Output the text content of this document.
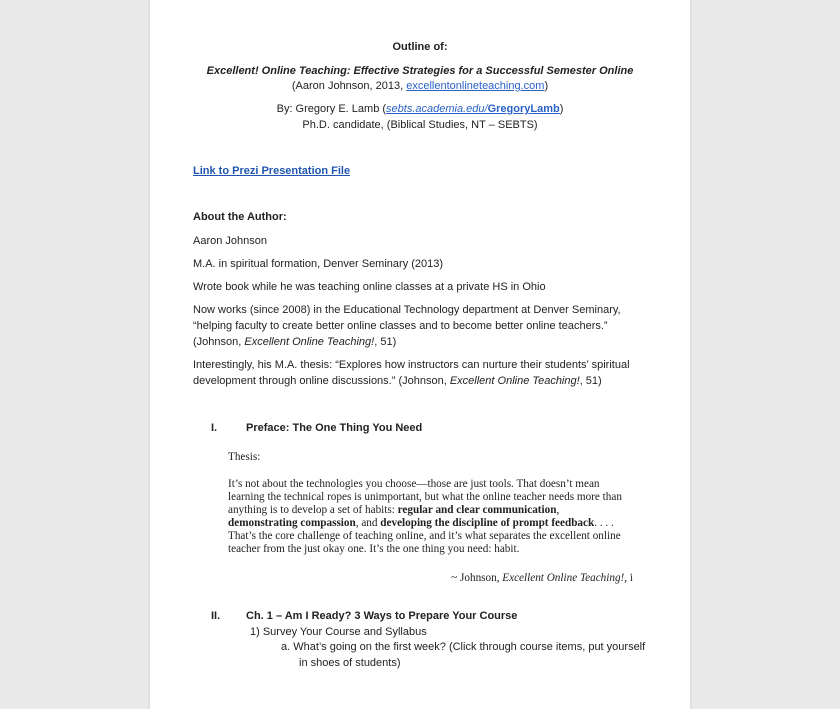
Outline of:
Excellent! Online Teaching: Effective Strategies for a Successful Semester Online
(Aaron Johnson, 2013, excellentonlineteaching.com)
By: Gregory E. Lamb (sebts.academia.edu/GregoryLamb)
Ph.D. candidate, (Biblical Studies, NT – SEBTS)
Link to Prezi Presentation File
About the Author:
Aaron Johnson
M.A. in spiritual formation, Denver Seminary (2013)
Wrote book while he was teaching online classes at a private HS in Ohio
Now works (since 2008) in the Educational Technology department at Denver Seminary,
“helping faculty to create better online classes and to become better online teachers.”
(Johnson, Excellent Online Teaching!, 51)
Interestingly, his M.A. thesis: “Explores how instructors can nurture their students’ spiritual
development through online discussions.” (Johnson, Excellent Online Teaching!, 51)
I.	Preface: The One Thing You Need
Thesis:
It’s not about the technologies you choose—those are just tools. That doesn’t mean
learning the technical ropes is unimportant, but what the online teacher needs more than
anything is to develop a set of habits: regular and clear communication,
demonstrating compassion, and developing the discipline of prompt feedback. . . .
That’s the core challenge of teaching online, and it’s what separates the excellent online
teacher from the just okay one. It’s the one thing you need: habit.
~ Johnson, Excellent Online Teaching!, i
II. Ch. 1 – Am I Ready? 3 Ways to Prepare Your Course
1) Survey Your Course and Syllabus
a. What’s going on the first week? (Click through course items, put yourself
in shoes of students)
